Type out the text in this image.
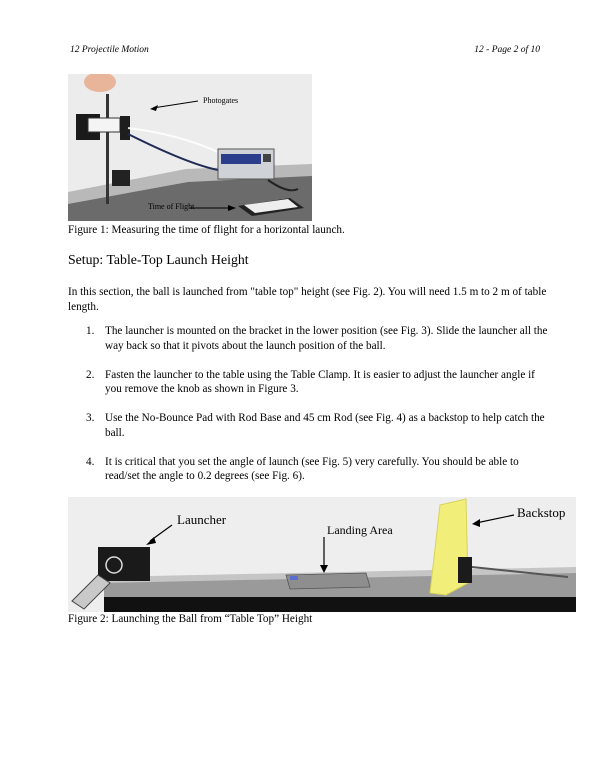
12 Projectile Motion	12 - Page 2 of 10
Photogates
Time of Flight
Figure 1: Measuring the time of flight for a horizontal launch.
Setup: Table-Top Launch Height

In this section, the ball is launched from "table top" height (see Fig. 2). You will need 1.5 m to 2 m of table length.

1. The launcher is mounted on the bracket in the lower position (see Fig. 3). Slide the launcher all the way back so that it pivots about the launch position of the ball.
2. Fasten the launcher to the table using the Table Clamp. It is easier to adjust the launcher angle if you remove the knob as shown in Figure 3.
3. Use the No-Bounce Pad with Rod Base and 45 cm Rod (see Fig. 4) as a backstop to help catch the ball.
4. It is critical that you set the angle of launch (see Fig. 5) very carefully. You should be able to read/set the angle to 0.2 degrees (see Fig. 6).
Launcher
Landing Area
Backstop
Figure 2: Launching the Ball from “Table Top” Height
